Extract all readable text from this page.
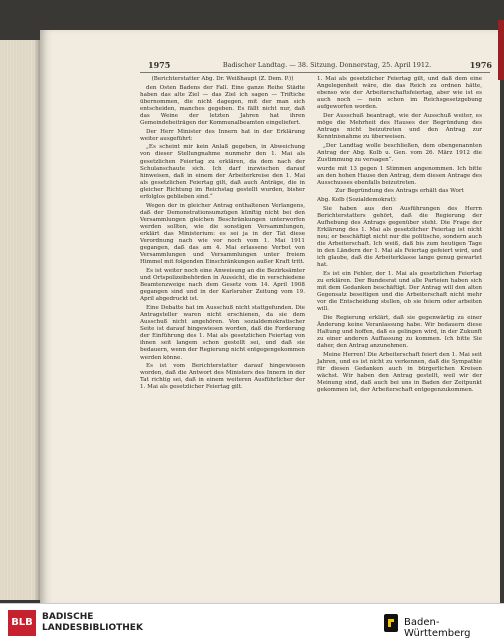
1975	Badischer Landtag. — 38. Sitzung. Donnerstag, 25. April 1912.	1976

(Berichterstatter Abg. Dr. Weißhaupt (Z. Dem. P.))

den Osten Badens der Fall. Eine ganze Reihe Städte haben das alte Ziel — das Ziel ich sagen — Triftiche übernommen, die nicht dagegen, mit der man sich entscheiden, manches gegeben. Es fällt nicht nur, daß das Weine der letzten Jahren hat ihren Gemeindebeiträgen der Kommunalbeamten eingeliefert.

Der Herr Minister des Innern hat in der Erklärung weiter ausgeführt:

„Es scheint mir kein Anlaß gegeben, in Abweichung von dieser Stellungnahme nunmehr den 1. Mai als gesetzlichen Feiertag zu erklären, da dem nach der Schulanschaute sich. Ich darf inzwischen darauf hinweisen, daß in einem der Arbeiterkreise den 1. Mai als gesetzlichen Feiertag gilt, daß auch Anträge, die in gleicher Richtung im Reichstag gestellt wurden, bisher erfolglos geblieben sind.“

Wegen der in gleicher Antrag enthaltenen Verlangens, daß der Demonstrationsumzügen künftig nicht bei den Versammlungen gleichen Beschränkungen unterworfen werden sollten, wie die sonstigen Versammlungen, erklärt das Ministerium: es sei ja in der Tat diese Verordnung nach wie vor noch vom 1. Mai 1911 gegangen, daß das am 4. Mai erlassene Verbot von Versammlungen und Versammlungen unter freiem Himmel mit folgenden Einschränkungen außer Kraft tritt.

Es ist weiter noch eine Anweisung an die Bezirksämter und Ortspolizeibehörden in Aussicht, die in verschiedene Beamtenzweige nach dem Gesetz vom 14. April 1908 gegangen sind und in der Karlsruher Zeitung vom 19. April abgedruckt ist.

Eine Debatte hat im Ausschuß nicht stattgefunden. Die Antragsteller waren nicht erschienen, da sie dem Ausschuß nicht angehören. Von sozialdemokratischer Seite ist darauf hingewiesen worden, daß die Forderung der Einführung des 1. Mai als gesetzlichen Feiertag von ihnen seit langem schon gestellt sei, und daß sie bedauern, wenn der Regierung nicht entgegengekommen werden könne.

Es ist vom Berichterstatter darauf hingewiesen worden, daß die Antwort des Ministers des Innern in der Tat richtig sei, daß in einem weiteren Ausführlicher der 1. Mai als gesetzlicher Feiertag gilt.

1. Mai als gesetzlicher Feiertag gilt, und daß dem eine Angelegenheit wäre, die das Reich zu ordnen hätte, ebenso wie der Arbeiterschaftsfeiertag, aber wie ist es auch noch — nein schon im Reichsgesetzgebung aufgeworfen worden.

Der Ausschuß beantragt, wie der Ausschuß weiter, es möge die Mehrheit des Hauses der Begründung des Antrags nicht beizutreten und den Antrag zur Kenntnisnahme zu überweisen.

„Der Landtag wolle beschließen, dem obengenannten Antrag der Abg. Kolb u. Gen. vom 26. März 1912 die Zustimmung zu versagen“.

wurde mit 13 gegen 1 Stimmen angenommen. Ich bitte an den hohen Hause den Antrag, dem diesen Antrage des Ausschusses ebenfalls beizutreten.

Zur Begründung des Antrags erhält das Wort

Abg. Kolb (Sozialdemokrat):

Sie haben aus den Ausführungen des Herrn Berichterstatters gehört, daß die Regierung der Aufhebung des Antrags gegenüber steht. Die Frage der Erklärung des 1. Mai als gesetzlicher Feiertag ist nicht neu; er beschäftigt nicht nur die politische, sondern auch die Arbeiterschaft. Ich weiß, daß bis zum heutigen Tage in den Ländern der 1. Mai als Feiertag gefeiert wird, und ich glaube, daß die Arbeiterklasse lange genug gewartet hat.

Es ist ein Fehler, der 1. Mai als gesetzlichen Feiertag zu erklären. Der Bundesrat und alle Parteien haben sich mit dem Gedanken beschäftigt. Der Antrag will den alten Gegensatz beseitigen und die Arbeiterschaft nicht mehr vor die Entscheidung stellen, ob sie feiern oder arbeiten will.

Die Regierung erklärt, daß sie gegenwärtig zu einer Änderung keine Veranlassung habe. Wir bedauern diese Haltung und hoffen, daß es gelingen wird, in der Zukunft zu einer anderen Auffassung zu kommen. Ich bitte Sie daher, den Antrag anzunehmen.

Meine Herren! Die Arbeiterschaft feiert den 1. Mai seit Jahren, und es ist nicht zu verkennen, daß die Sympathie für diesen Gedanken auch in bürgerlichen Kreisen wächst. Wir haben den Antrag gestellt, weil wir der Meinung sind, daß auch bei uns in Baden der Zeitpunkt gekommen ist, der Arbeiterschaft entgegenzukommen.

BLB	BADISCHE
LANDESBIBLIOTHEK	Baden-Württemberg
